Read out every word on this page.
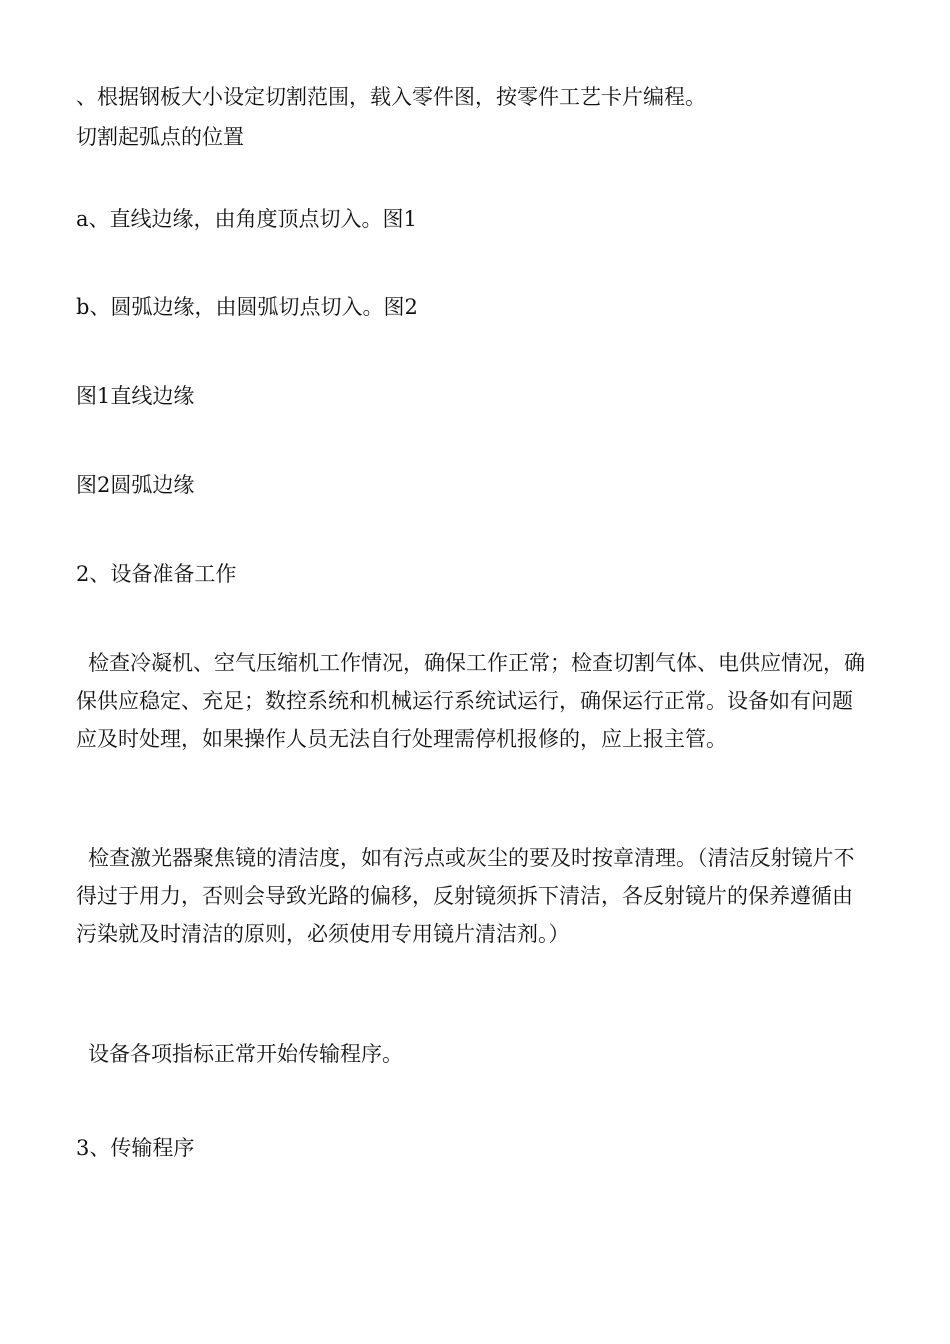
、根据钢板大小设定切割范围，载入零件图，按零件工艺卡片编程。

切割起弧点的位置

a、直线边缘，由角度顶点切入。图1

b、圆弧边缘，由圆弧切点切入。图2

图1直线边缘

图2圆弧边缘

2、设备准备工作

检查冷凝机、空气压缩机工作情况，确保工作正常；检查切割气体、电供应情况，确保供应稳定、充足；数控系统和机械运行系统试运行，确保运行正常。设备如有问题应及时处理，如果操作人员无法自行处理需停机报修的，应上报主管。

检查激光器聚焦镜的清洁度，如有污点或灰尘的要及时按章清理。（清洁反射镜片不得过于用力，否则会导致光路的偏移，反射镜须拆下清洁，各反射镜片的保养遵循由污染就及时清洁的原则，必须使用专用镜片清洁剂。）

设备各项指标正常开始传输程序。

3、传输程序
